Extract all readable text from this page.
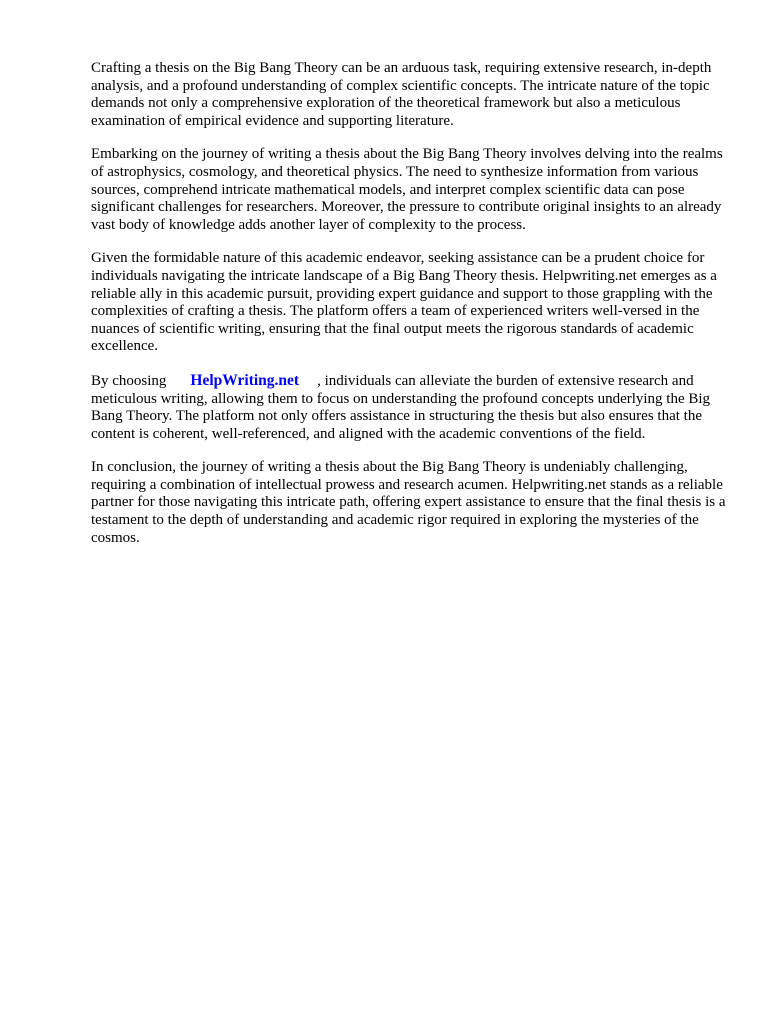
Crafting a thesis on the Big Bang Theory can be an arduous task, requiring extensive research, in-depth analysis, and a profound understanding of complex scientific concepts. The intricate nature of the topic demands not only a comprehensive exploration of the theoretical framework but also a meticulous examination of empirical evidence and supporting literature.

Embarking on the journey of writing a thesis about the Big Bang Theory involves delving into the realms of astrophysics, cosmology, and theoretical physics. The need to synthesize information from various sources, comprehend intricate mathematical models, and interpret complex scientific data can pose significant challenges for researchers. Moreover, the pressure to contribute original insights to an already vast body of knowledge adds another layer of complexity to the process.

Given the formidable nature of this academic endeavor, seeking assistance can be a prudent choice for individuals navigating the intricate landscape of a Big Bang Theory thesis. Helpwriting.net emerges as a reliable ally in this academic pursuit, providing expert guidance and support to those grappling with the complexities of crafting a thesis. The platform offers a team of experienced writers well-versed in the nuances of scientific writing, ensuring that the final output meets the rigorous standards of academic excellence.

By choosing HelpWriting.net , individuals can alleviate the burden of extensive research and meticulous writing, allowing them to focus on understanding the profound concepts underlying the Big Bang Theory. The platform not only offers assistance in structuring the thesis but also ensures that the content is coherent, well-referenced, and aligned with the academic conventions of the field.

In conclusion, the journey of writing a thesis about the Big Bang Theory is undeniably challenging, requiring a combination of intellectual prowess and research acumen. Helpwriting.net stands as a reliable partner for those navigating this intricate path, offering expert assistance to ensure that the final thesis is a testament to the depth of understanding and academic rigor required in exploring the mysteries of the cosmos.
